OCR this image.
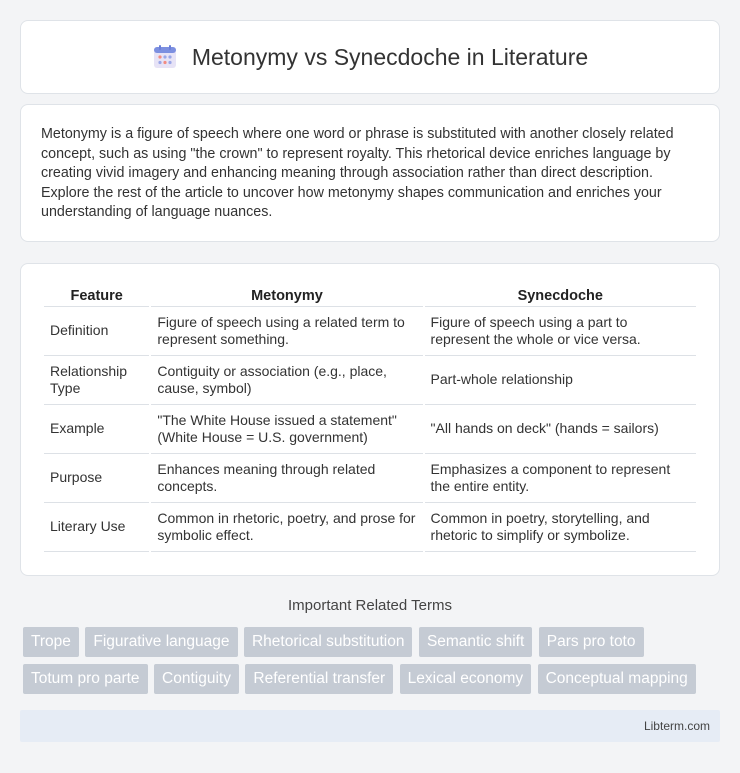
Metonymy vs Synecdoche in Literature

Metonymy is a figure of speech where one word or phrase is substituted with another closely related concept, such as using "the crown" to represent royalty. This rhetorical device enriches language by creating vivid imagery and enhancing meaning through association rather than direct description. Explore the rest of the article to uncover how metonymy shapes communication and enriches your understanding of language nuances.

Feature	Metonymy	Synecdoche
Definition	Figure of speech using a related term to represent something.	Figure of speech using a part to represent the whole or vice versa.
Relationship Type	Contiguity or association (e.g., place, cause, symbol)	Part-whole relationship
Example	"The White House issued a statement" (White House = U.S. government)	"All hands on deck" (hands = sailors)
Purpose	Enhances meaning through related concepts.	Emphasizes a component to represent the entire entity.
Literary Use	Common in rhetoric, poetry, and prose for symbolic effect.	Common in poetry, storytelling, and rhetoric to simplify or symbolize.
Important Related Terms
Trope Figurative language Rhetorical substitution Semantic shift Pars pro toto Totum pro parte Contiguity Referential transfer Lexical economy Conceptual mapping
Libterm.com
